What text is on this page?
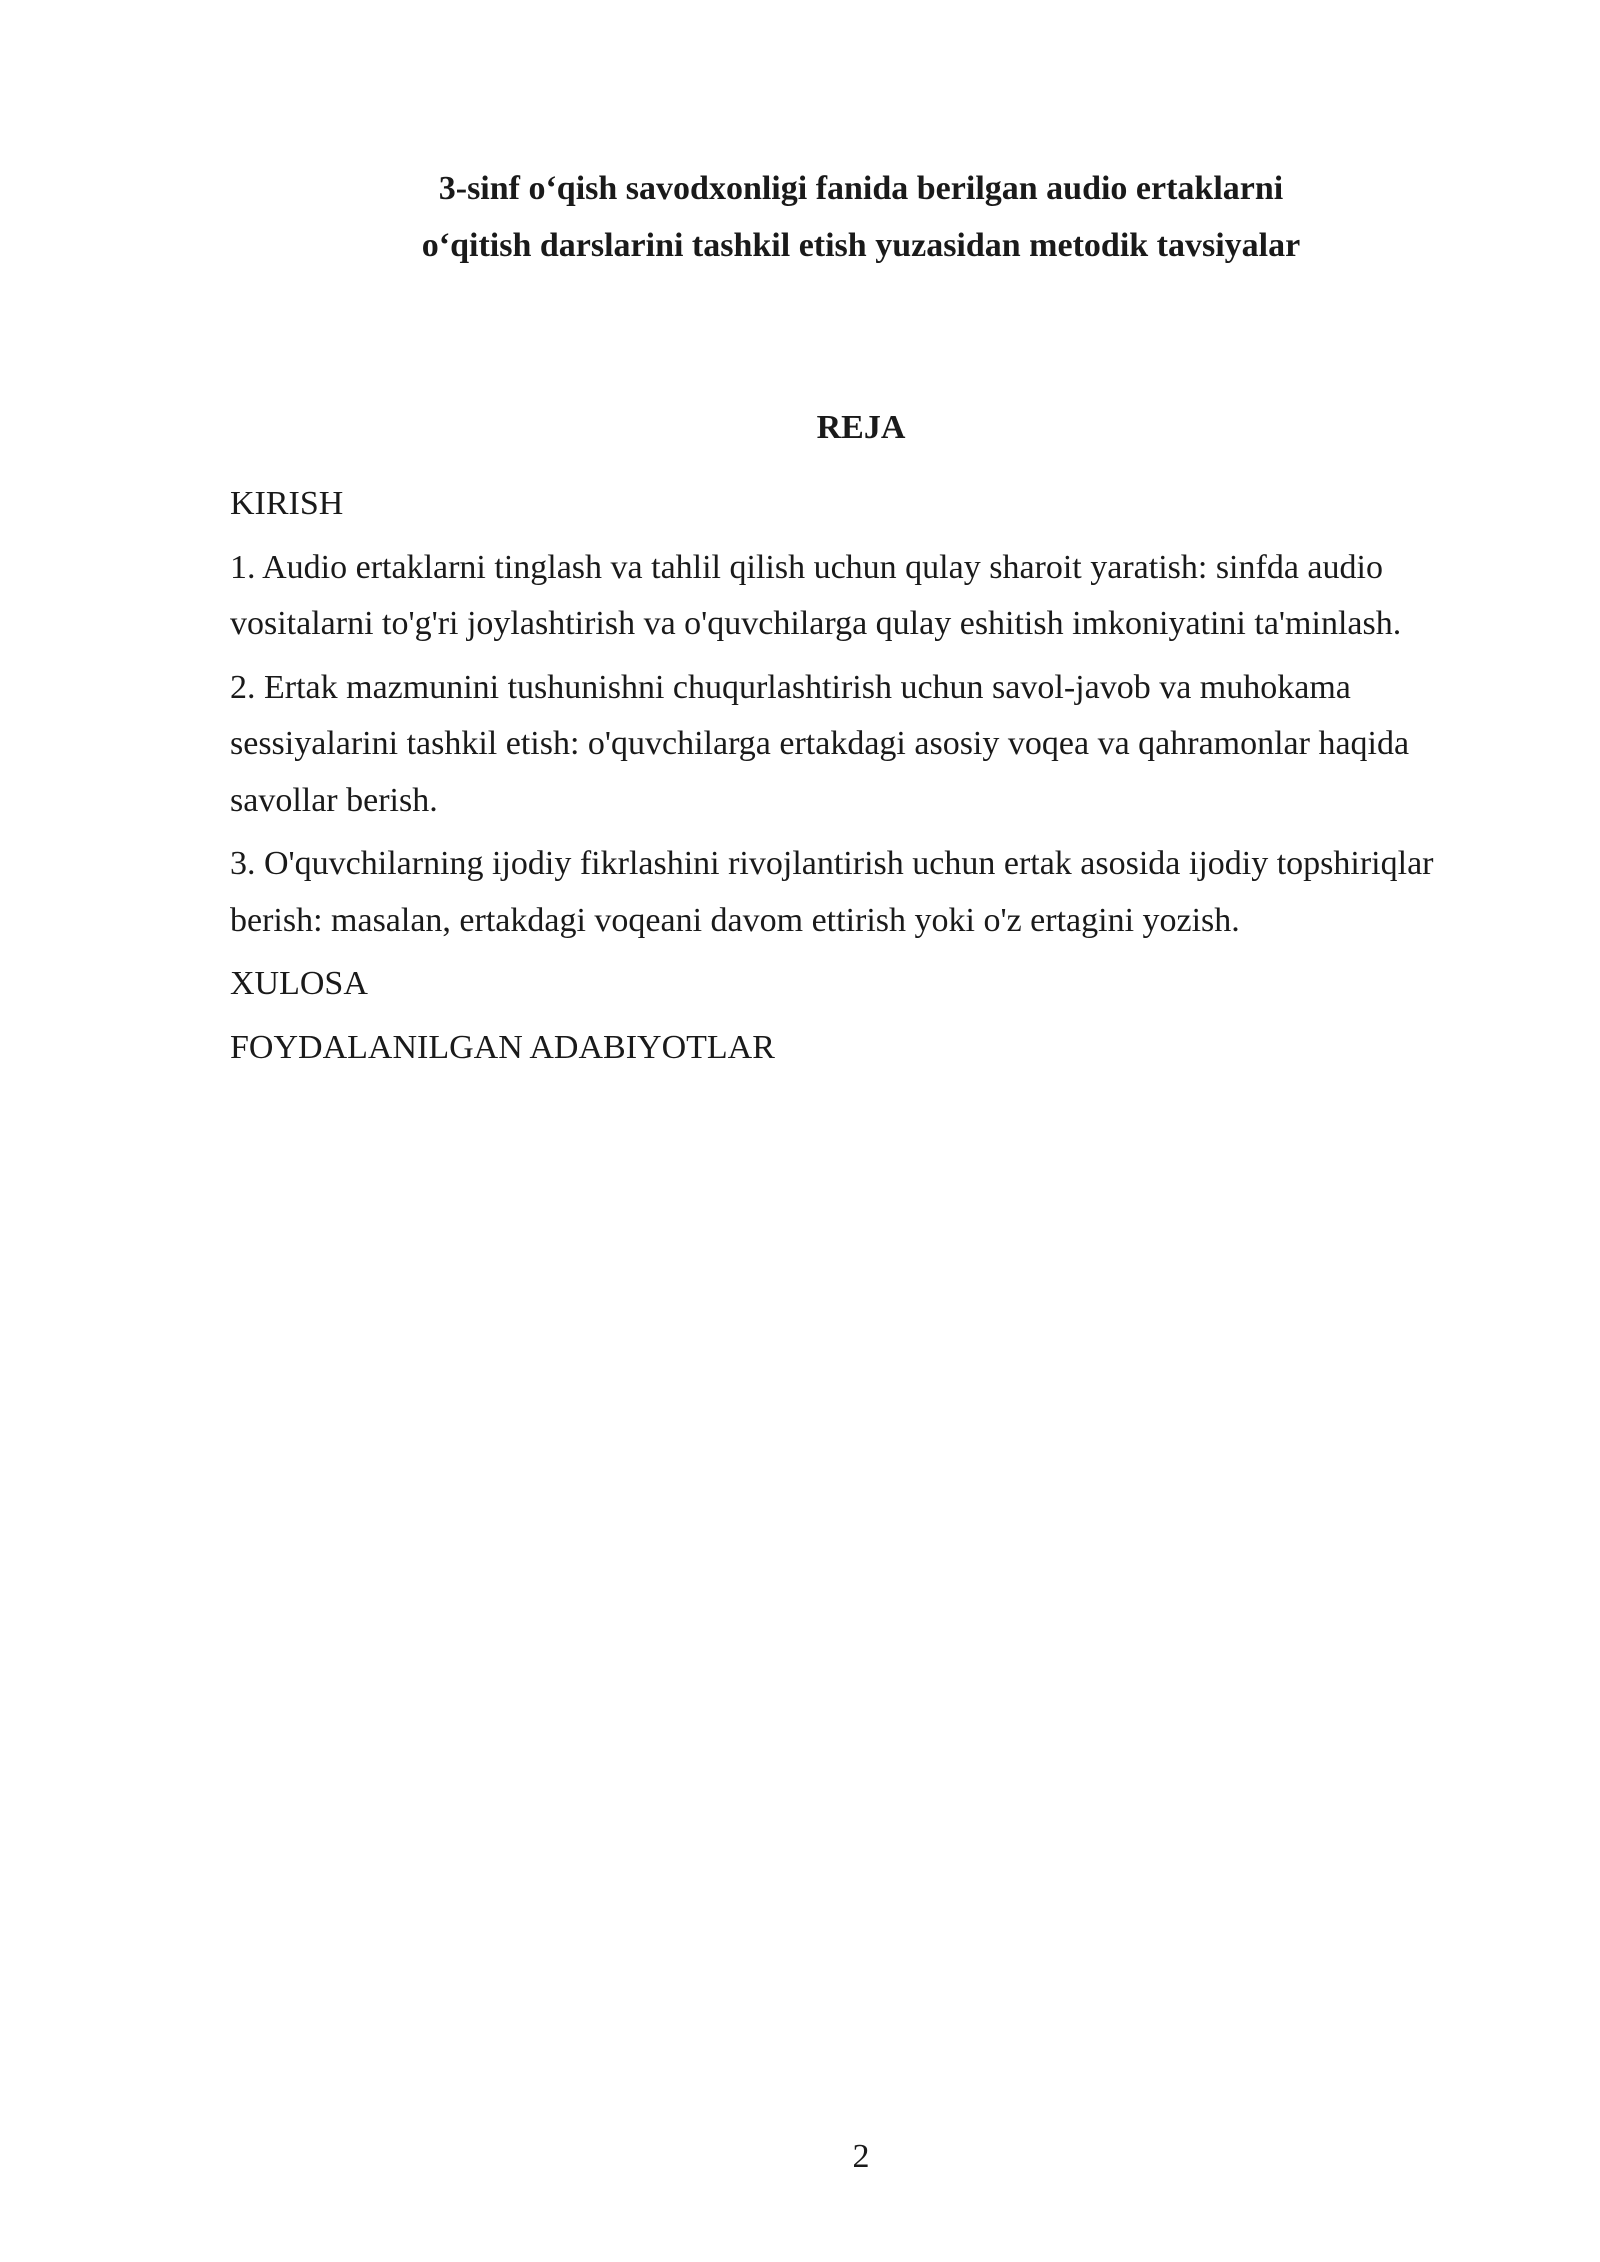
3-sinf o‘qish savodxonligi fanida berilgan audio ertaklarni
o‘qitish darslarini tashkil etish yuzasidan metodik tavsiyalar
REJA

KIRISH

1. Audio ertaklarni tinglash va tahlil qilish uchun qulay sharoit yaratish: sinfda audio vositalarni to'g'ri joylashtirish va o'quvchilarga qulay eshitish imkoniyatini ta'minlash.

2. Ertak mazmunini tushunishni chuqurlashtirish uchun savol-javob va muhokama sessiyalarini tashkil etish: o'quvchilarga ertakdagi asosiy voqea va qahramonlar haqida savollar berish.

3. O'quvchilarning ijodiy fikrlashini rivojlantirish uchun ertak asosida ijodiy topshiriqlar berish: masalan, ertakdagi voqeani davom ettirish yoki o'z ertagini yozish.

XULOSA

FOYDALANILGAN ADABIYOTLAR

2
